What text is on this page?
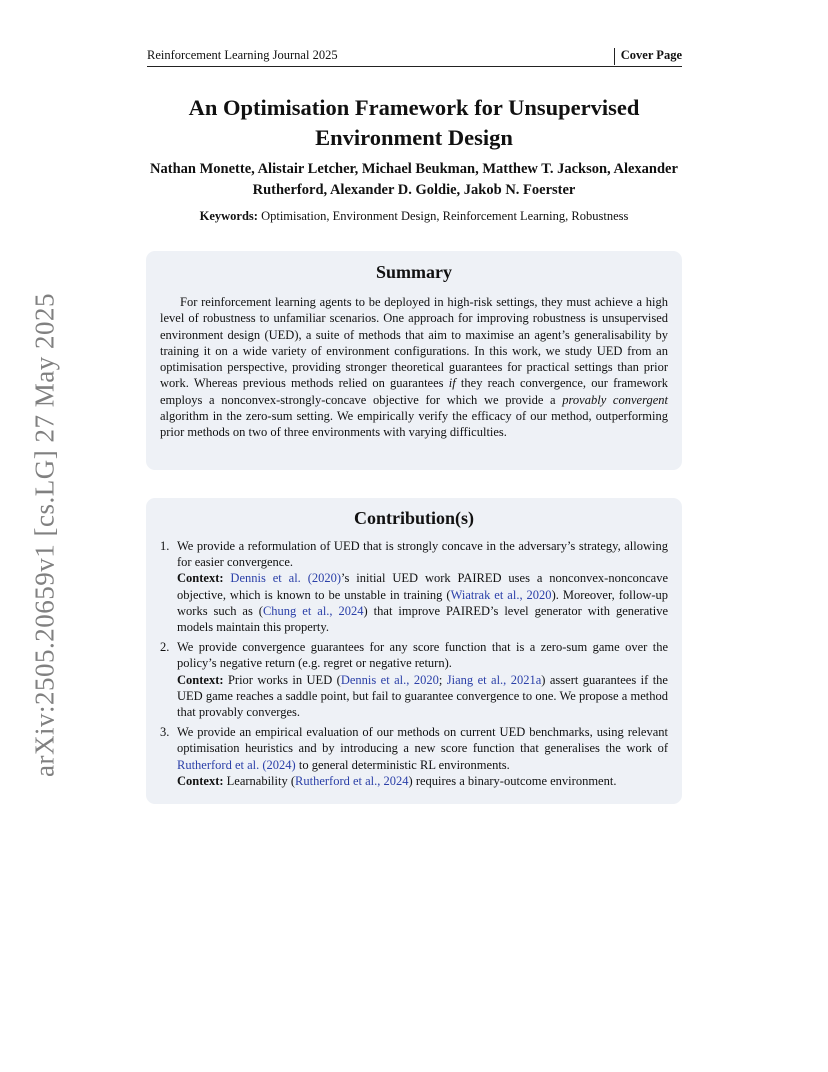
Reinforcement Learning Journal 2025	Cover Page
An Optimisation Framework for Unsupervised Environment Design
Nathan Monette, Alistair Letcher, Michael Beukman, Matthew T. Jackson, Alexander Rutherford, Alexander D. Goldie, Jakob N. Foerster
Keywords: Optimisation, Environment Design, Reinforcement Learning, Robustness
Summary
For reinforcement learning agents to be deployed in high-risk settings, they must achieve a high level of robustness to unfamiliar scenarios. One approach for improving robustness is unsupervised environment design (UED), a suite of methods that aim to maximise an agent’s generalisability by training it on a wide variety of environment configurations. In this work, we study UED from an optimisation perspective, providing stronger theoretical guarantees for practical settings than prior work. Whereas previous methods relied on guarantees if they reach convergence, our framework employs a nonconvex-strongly-concave objective for which we provide a provably convergent algorithm in the zero-sum setting. We empirically verify the efficacy of our method, outperforming prior methods on two of three environments with varying difficulties.
Contribution(s)
1. We provide a reformulation of UED that is strongly concave in the adversary’s strategy, allowing for easier convergence.
Context: Dennis et al. (2020)’s initial UED work PAIRED uses a nonconvex-nonconcave objective, which is known to be unstable in training (Wiatrak et al., 2020). Moreover, follow-up works such as (Chung et al., 2024) that improve PAIRED’s level generator with generative models maintain this property.
2. We provide convergence guarantees for any score function that is a zero-sum game over the policy’s negative return (e.g. regret or negative return).
Context: Prior works in UED (Dennis et al., 2020; Jiang et al., 2021a) assert guarantees if the UED game reaches a saddle point, but fail to guarantee convergence to one. We propose a method that provably converges.
3. We provide an empirical evaluation of our methods on current UED benchmarks, using relevant optimisation heuristics and by introducing a new score function that generalises the work of Rutherford et al. (2024) to general deterministic RL environments.
Context: Learnability (Rutherford et al., 2024) requires a binary-outcome environment.
arXiv:2505.20659v1 [cs.LG] 27 May 2025
